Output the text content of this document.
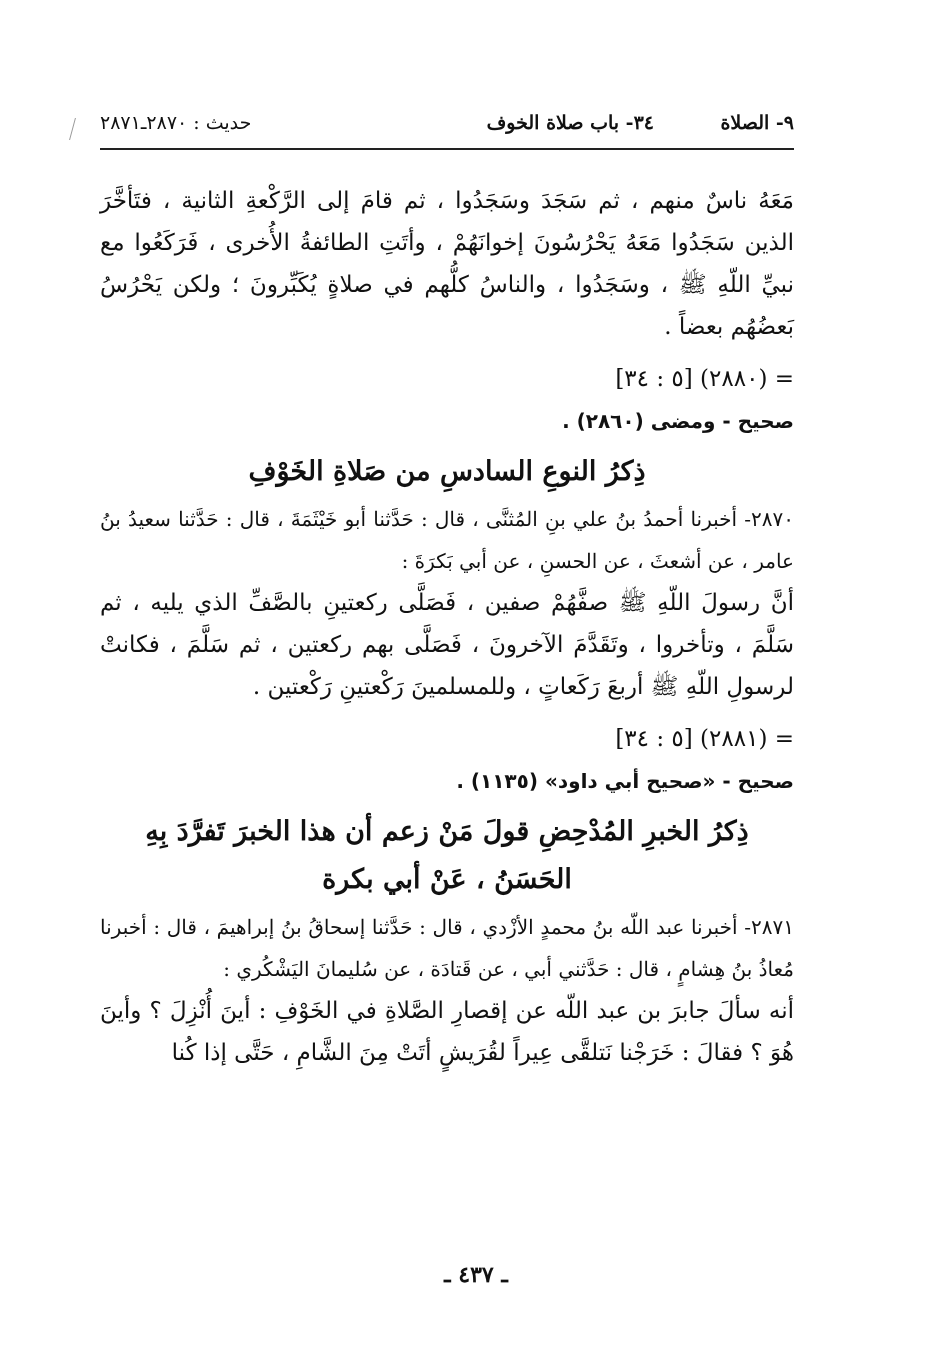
٩- الصلاة
٣٤- باب صلاة الخوف
حديث : ٢٨٧٠ـ٢٨٧١

مَعَهُ ناسٌ منهم ، ثم سَجَدَ وسَجَدُوا ، ثم قامَ إلى الرَّكْعةِ الثانية ، فتَأخَّرَ الذين سَجَدُوا مَعَهُ يَحْرُسُونَ إخوانَهُمْ ، وأتَتِ الطائفةُ الأُخرى ، فَرَكَعُوا مع نبيِّ اللّهِ ﷺ ، وسَجَدُوا ، والناسُ كلُّهم في صلاةٍ يُكَبِّرونَ ؛ ولكن يَحْرُسُ بَعضُهُم بعضاً .

= (٢٨٨٠) [٥ : ٣٤]

صحيح - ومضى (٢٨٦٠) .

ذِكرُ النوعِ السادسِ من صَلاةِ الخَوْفِ

٢٨٧٠- أخبرنا أحمدُ بنُ علي بنِ المُثنَّى ، قال : حَدَّثنا أبو خَيْثَمَةَ ، قال : حَدَّثنا سعيدُ بنُ عامر ، عن أشعثَ ، عن الحسنِ ، عن أبي بَكرَةَ :

أنَّ رسولَ اللّهِ ﷺ صفَّهُمْ صفين ، فَصَلَّى ركعتينِ بالصَّفِّ الذي يليه ، ثم سَلَّمَ ، وتأخروا ، وتَقَدَّمَ الآخرونَ ، فَصَلَّى بهم ركعتين ، ثم سَلَّمَ ، فكانتْ لرسولِ اللّهِ ﷺ أربعَ رَكَعاتٍ ، وللمسلمينَ رَكْعتينِ رَكْعتين .

= (٢٨٨١) [٥ : ٣٤]

صحيح - «صحيح أبي داود» (١١٣٥) .

ذِكرُ الخبرِ المُدْحِضِ قولَ مَنْ زعم أن هذا الخبرَ تَفرَّدَ بِهِ

الحَسَنُ ، عَنْ أبي بكرة

٢٨٧١- أخبرنا عبد اللّه بنُ محمدٍ الأزْدي ، قال : حَدَّثنا إسحاقُ بنُ إبراهيمَ ، قال : أخبرنا مُعاذُ بنُ هِشامٍ ، قال : حَدَّثني أبي ، عن قَتادَة ، عن سُليمانَ اليَشْكُري :

أنه سألَ جابرَ بن عبد اللّه عن إقصارِ الصَّلاةِ في الخَوْفِ : أينَ أُنْزِلَ ؟ وأينَ هُوَ ؟ فقالَ : خَرَجْنا نَتلقَّى عِيراً لقُرَيشٍ أتَتْ مِنَ الشَّامِ ، حَتَّى إذا كُنا

ـ ٤٣٧ ـ
